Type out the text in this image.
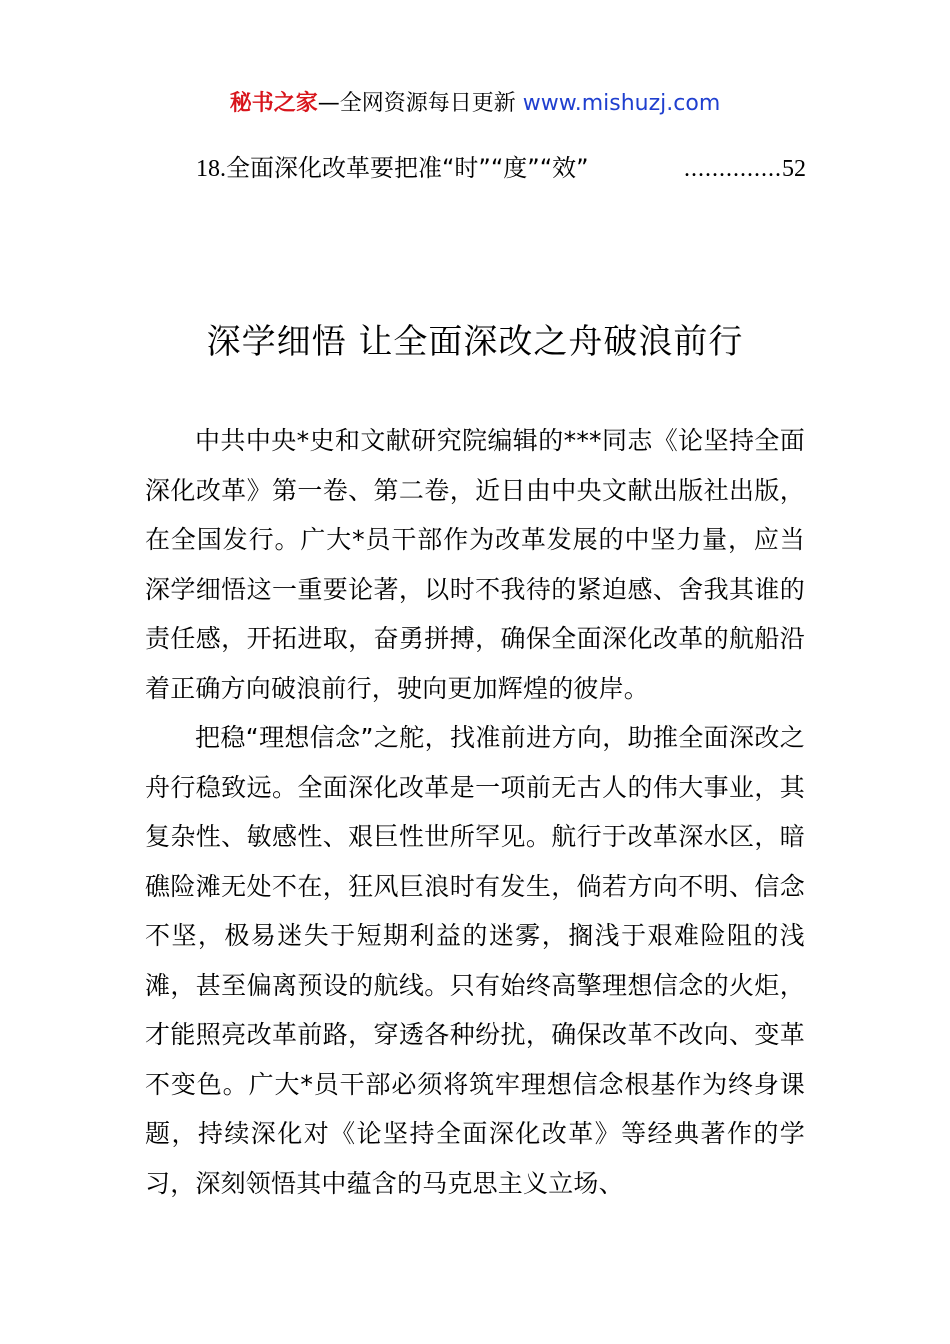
秘书之家—全网资源每日更新 www.mishuzj.com
18. 全面深化改革要把准“时”“度”“效”	.............. 52
深学细悟 让全面深改之舟破浪前行

中共中央*史和文献研究院编辑的***同志《论坚持全面深化改革》第一卷、第二卷，近日由中央文献出版社出版，在全国发行。广大*员干部作为改革发展的中坚力量，应当深学细悟这一重要论著，以时不我待的紧迫感、舍我其谁的责任感，开拓进取，奋勇拼搏，确保全面深化改革的航船沿着正确方向破浪前行，驶向更加辉煌的彼岸。

把稳“理想信念”之舵，找准前进方向，助推全面深改之舟行稳致远。全面深化改革是一项前无古人的伟大事业，其复杂性、敏感性、艰巨性世所罕见。航行于改革深水区，暗礁险滩无处不在，狂风巨浪时有发生，倘若方向不明、信念不坚，极易迷失于短期利益的迷雾，搁浅于艰难险阻的浅滩，甚至偏离预设的航线。只有始终高擎理想信念的火炬，才能照亮改革前路，穿透各种纷扰，确保改革不改向、变革不变色。广大*员干部必须将筑牢理想信念根基作为终身课题，持续深化对《论坚持全面深化改革》等经典著作的学习，深刻领悟其中蕴含的马克思主义立场、
